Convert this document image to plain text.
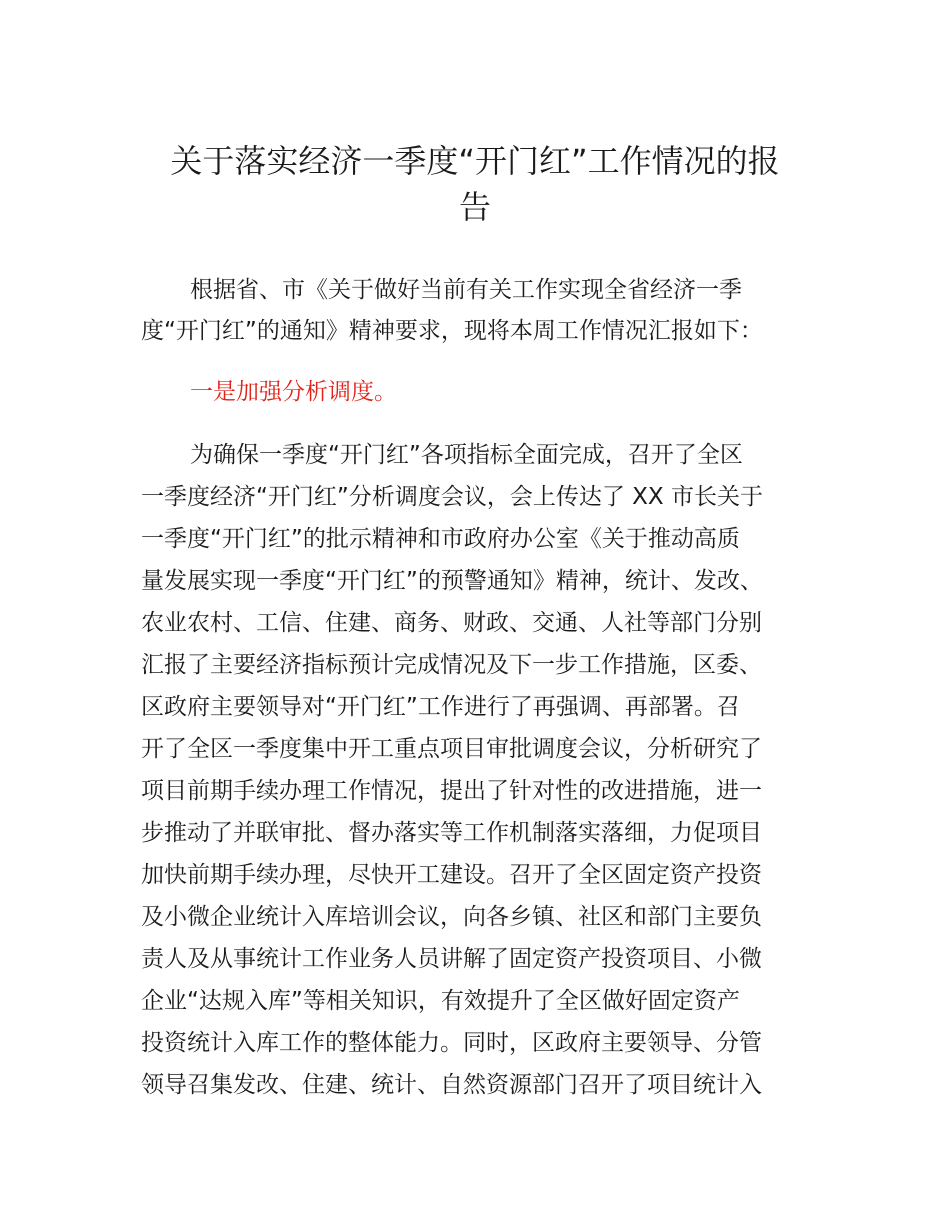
关于落实经济一季度“开门红”工作情况的报
告
根据省、市《关于做好当前有关工作实现全省经济一季
度“开门红”的通知》精神要求，现将本周工作情况汇报如下：
一是加强分析调度。
为确保一季度“开门红”各项指标全面完成，召开了全区
一季度经济“开门红”分析调度会议，会上传达了 XX 市长关于
一季度“开门红”的批示精神和市政府办公室《关于推动高质
量发展实现一季度“开门红”的预警通知》精神，统计、发改、
农业农村、工信、住建、商务、财政、交通、人社等部门分别
汇报了主要经济指标预计完成情况及下一步工作措施，区委、
区政府主要领导对“开门红”工作进行了再强调、再部署。召
开了全区一季度集中开工重点项目审批调度会议，分析研究了
项目前期手续办理工作情况，提出了针对性的改进措施，进一
步推动了并联审批、督办落实等工作机制落实落细，力促项目
加快前期手续办理，尽快开工建设。召开了全区固定资产投资
及小微企业统计入库培训会议，向各乡镇、社区和部门主要负
责人及从事统计工作业务人员讲解了固定资产投资项目、小微
企业“达规入库”等相关知识，有效提升了全区做好固定资产
投资统计入库工作的整体能力。同时，区政府主要领导、分管
领导召集发改、住建、统计、自然资源部门召开了项目统计入
